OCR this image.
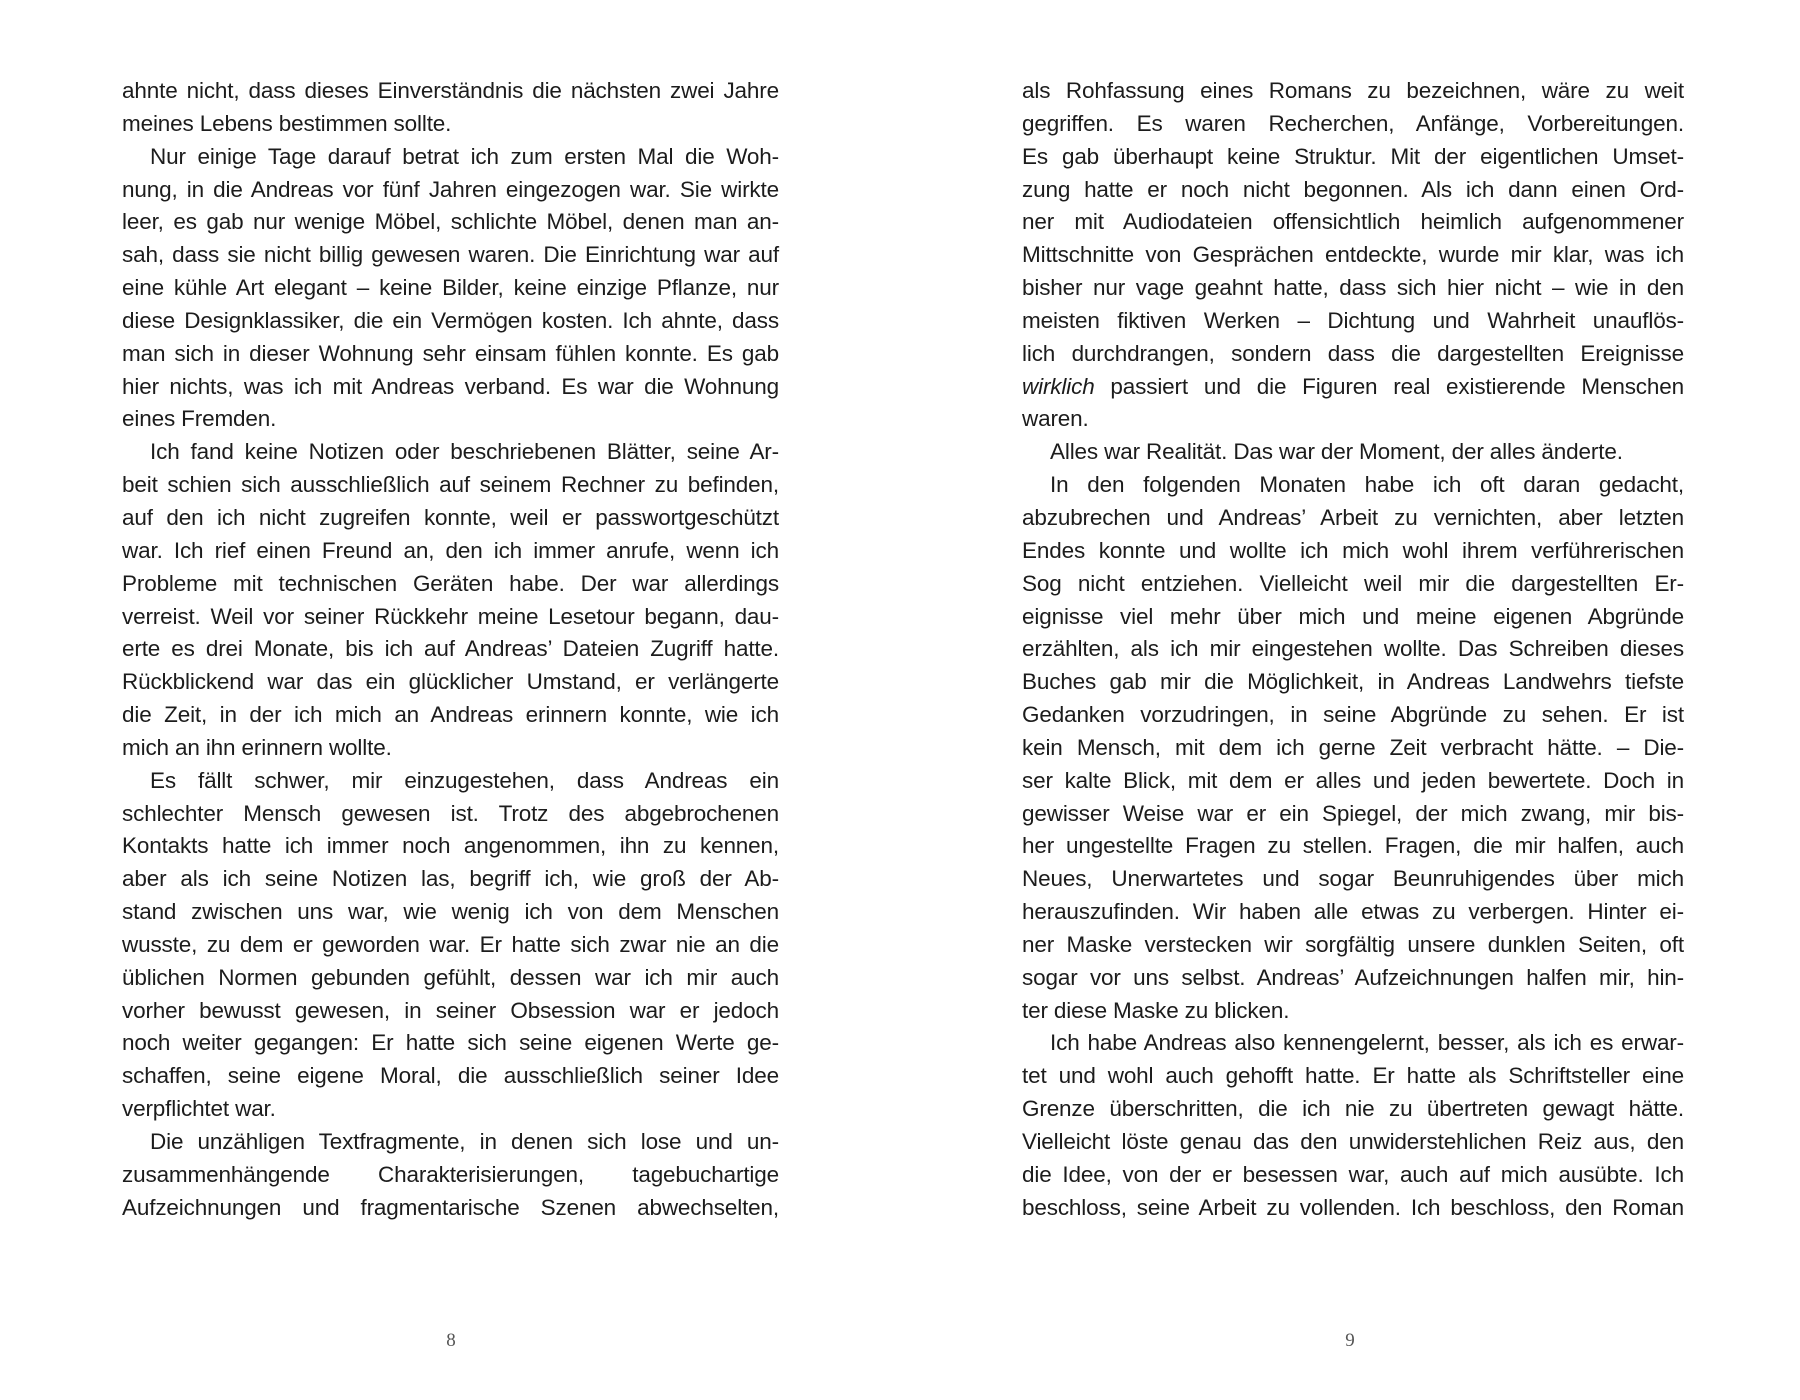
ahnte nicht, dass dieses Einverständnis die nächsten zwei Jahre
meines Lebens bestimmen sollte.
Nur einige Tage darauf betrat ich zum ersten Mal die Woh-
nung, in die Andreas vor fünf Jahren eingezogen war. Sie wirkte
leer, es gab nur wenige Möbel, schlichte Möbel, denen man an-
sah, dass sie nicht billig gewesen waren. Die Einrichtung war auf
eine kühle Art elegant – keine Bilder, keine einzige Pflanze, nur
diese Designklassiker, die ein Vermögen kosten. Ich ahnte, dass
man sich in dieser Wohnung sehr einsam fühlen konnte. Es gab
hier nichts, was ich mit Andreas verband. Es war die Wohnung
eines Fremden.
Ich fand keine Notizen oder beschriebenen Blätter, seine Ar-
beit schien sich ausschließlich auf seinem Rechner zu befinden,
auf den ich nicht zugreifen konnte, weil er passwortgeschützt
war. Ich rief einen Freund an, den ich immer anrufe, wenn ich
Probleme mit technischen Geräten habe. Der war allerdings
verreist. Weil vor seiner Rückkehr meine Lesetour begann, dau-
erte es drei Monate, bis ich auf Andreas’ Dateien Zugriff hatte.
Rückblickend war das ein glücklicher Umstand, er verlängerte
die Zeit, in der ich mich an Andreas erinnern konnte, wie ich
mich an ihn erinnern wollte.
Es fällt schwer, mir einzugestehen, dass Andreas ein
schlechter Mensch gewesen ist. Trotz des abgebrochenen
Kontakts hatte ich immer noch angenommen, ihn zu kennen,
aber als ich seine Notizen las, begriff ich, wie groß der Ab-
stand zwischen uns war, wie wenig ich von dem Menschen
wusste, zu dem er geworden war. Er hatte sich zwar nie an die
üblichen Normen gebunden gefühlt, dessen war ich mir auch
vorher bewusst gewesen, in seiner Obsession war er jedoch
noch weiter gegangen: Er hatte sich seine eigenen Werte ge-
schaffen, seine eigene Moral, die ausschließlich seiner Idee
verpflichtet war.
Die unzähligen Textfragmente, in denen sich lose und un-
zusammenhängende Charakterisierungen, tagebuchartige
Aufzeichnungen und fragmentarische Szenen abwechselten,
8
als Rohfassung eines Romans zu bezeichnen, wäre zu weit
gegriffen. Es waren Recherchen, Anfänge, Vorbereitungen.
Es gab überhaupt keine Struktur. Mit der eigentlichen Umset-
zung hatte er noch nicht begonnen. Als ich dann einen Ord-
ner mit Audiodateien offensichtlich heimlich aufgenommener
Mittschnitte von Gesprächen entdeckte, wurde mir klar, was ich
bisher nur vage geahnt hatte, dass sich hier nicht – wie in den
meisten fiktiven Werken – Dichtung und Wahrheit unauflös-
lich durchdrangen, sondern dass die dargestellten Ereignisse
wirklich passiert und die Figuren real existierende Menschen
waren.
Alles war Realität. Das war der Moment, der alles änderte.
In den folgenden Monaten habe ich oft daran gedacht,
abzubrechen und Andreas’ Arbeit zu vernichten, aber letzten
Endes konnte und wollte ich mich wohl ihrem verführerischen
Sog nicht entziehen. Vielleicht weil mir die dargestellten Er-
eignisse viel mehr über mich und meine eigenen Abgründe
erzählten, als ich mir eingestehen wollte. Das Schreiben dieses
Buches gab mir die Möglichkeit, in Andreas Landwehrs tiefste
Gedanken vorzudringen, in seine Abgründe zu sehen. Er ist
kein Mensch, mit dem ich gerne Zeit verbracht hätte. – Die-
ser kalte Blick, mit dem er alles und jeden bewertete. Doch in
gewisser Weise war er ein Spiegel, der mich zwang, mir bis-
her ungestellte Fragen zu stellen. Fragen, die mir halfen, auch
Neues, Unerwartetes und sogar Beunruhigendes über mich
herauszufinden. Wir haben alle etwas zu verbergen. Hinter ei-
ner Maske verstecken wir sorgfältig unsere dunklen Seiten, oft
sogar vor uns selbst. Andreas’ Aufzeichnungen halfen mir, hin-
ter diese Maske zu blicken.
Ich habe Andreas also kennengelernt, besser, als ich es erwar-
tet und wohl auch gehofft hatte. Er hatte als Schriftsteller eine
Grenze überschritten, die ich nie zu übertreten gewagt hätte.
Vielleicht löste genau das den unwiderstehlichen Reiz aus, den
die Idee, von der er besessen war, auch auf mich ausübte. Ich
beschloss, seine Arbeit zu vollenden. Ich beschloss, den Roman
9
